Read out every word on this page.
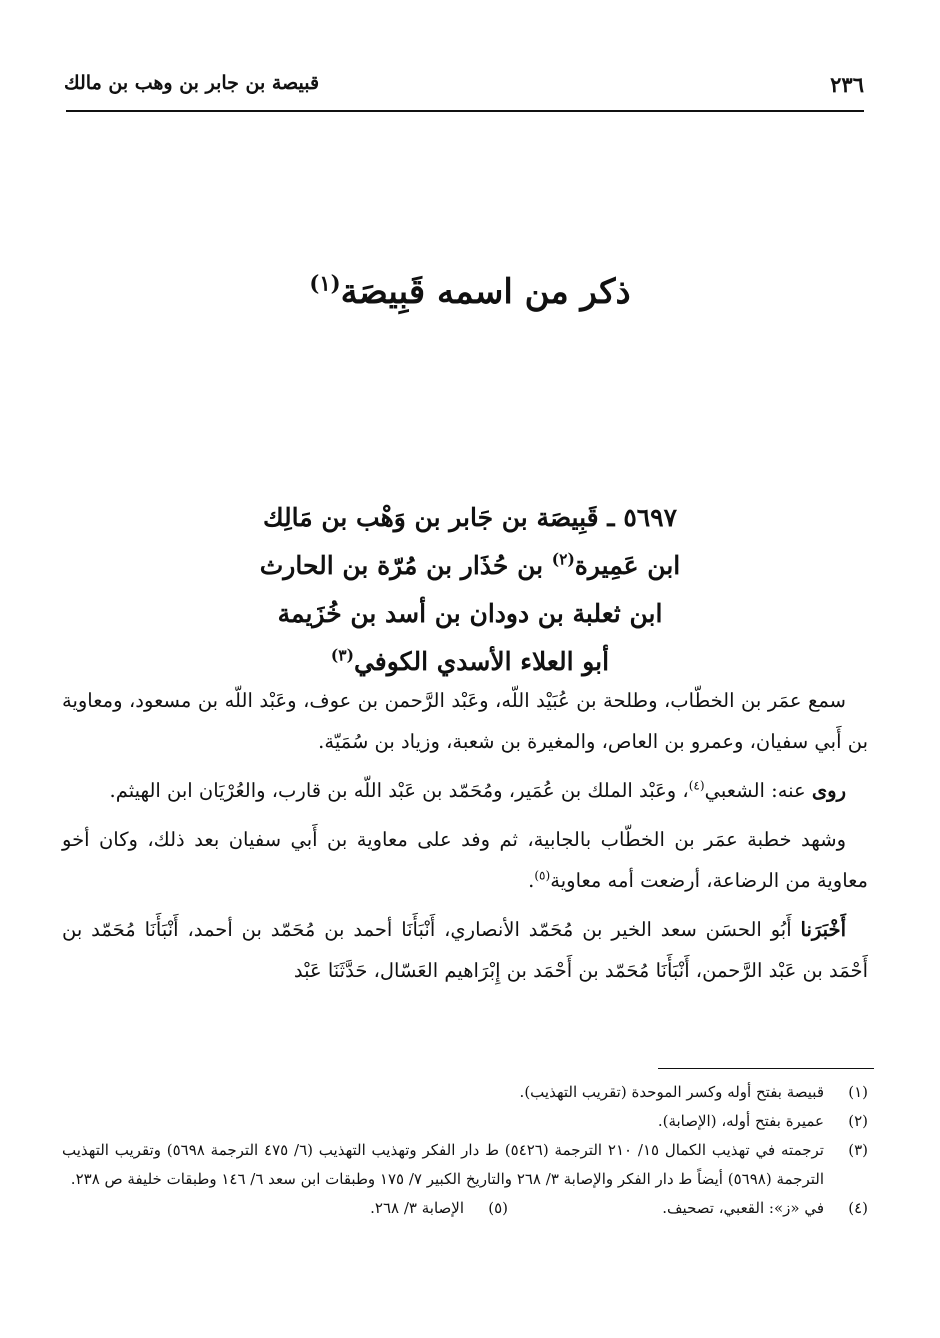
٢٣٦
قبيصة بن جابر بن وهب بن مالك
ذكر من اسمه قَبِيصَة$^{(١)}$
٥٦٩٧ ـ قَبِيصَة بن جَابر بن وَهْب بن مَالِك
ابن عَمِيرة$^{(٢)}$ بن حُذَار بن مُرّة بن الحارث
ابن ثعلبة بن دودان بن أسد بن خُزَيمة
أبو العلاء الأسدي الكوفي$^{(٣)}$

سمع عمَر بن الخطّاب، وطلحة بن عُبَيْد اللّه، وعَبْد الرَّحمن بن عوف، وعَبْد اللّه بن مسعود، ومعاوية بن أَبي سفيان، وعمرو بن العاص، والمغيرة بن شعبة، وزياد بن سُمَيّة.

روى عنه: الشعبي$^{(٤)}$، وعَبْد الملك بن عُمَير، ومُحَمّد بن عَبْد اللّه بن قارب، والعُرْيَان ابن الهيثم.

وشهد خطبة عمَر بن الخطّاب بالجابية، ثم وفد على معاوية بن أَبي سفيان بعد ذلك، وكان أخو معاوية من الرضاعة، أرضعت أمه معاوية$^{(٥)}$.

أَخْبَرَنا أَبُو الحسَن سعد الخير بن مُحَمّد الأنصاري، أَنْبَأَنَا أحمد بن مُحَمّد بن أحمد، أَنْبَأَنَا مُحَمّد بن أَحْمَد بن عَبْد الرَّحمن، أَنْبَأَنَا مُحَمّد بن أَحْمَد بن إِبْرَاهيم العَسّال، حَدَّثَنَا عَبْد

(١)
قبيصة بفتح أوله وكسر الموحدة (تقريب التهذيب).
(٢)
عميرة بفتح أوله، (الإصابة).
(٣)
ترجمته في تهذيب الكمال ١٥/ ٢١٠ الترجمة (٥٤٢٦) ط دار الفكر وتهذيب التهذيب (٦/ ٤٧٥ الترجمة ٥٦٩٨) وتقريب التهذيب الترجمة (٥٦٩٨) أيضاً ط دار الفكر والإصابة ٣/ ٢٦٨ والتاريخ الكبير ٧/ ١٧٥ وطبقات ابن سعد ٦/ ١٤٦ وطبقات خليفة ص ٢٣٨.
(٤)
في «ز»: القعبي، تصحيف.
(٥)
الإصابة ٣/ ٢٦٨.
